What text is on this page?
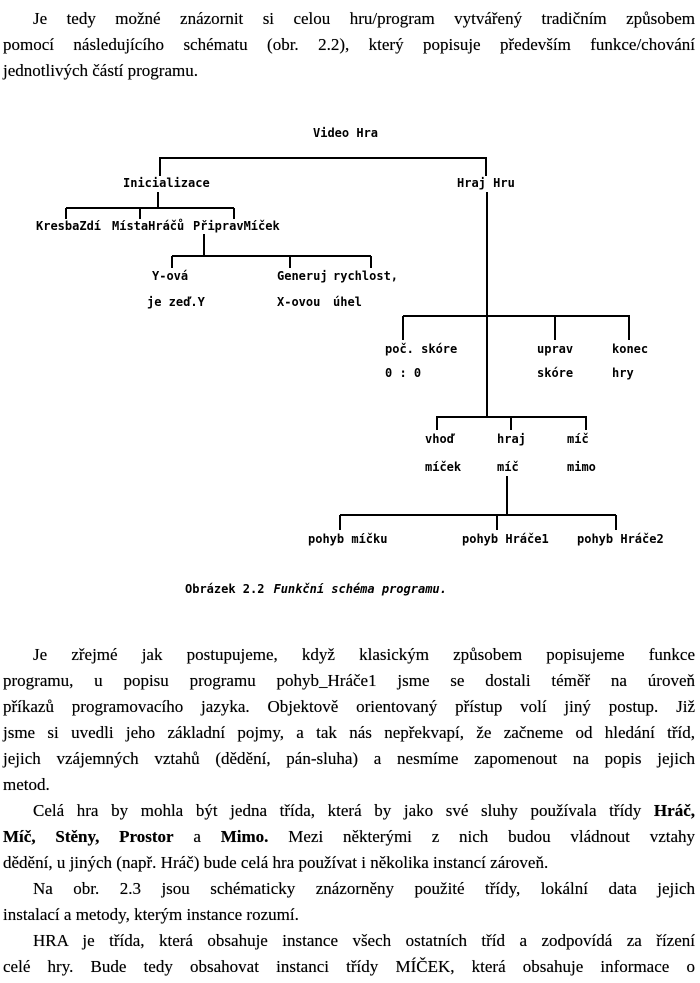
Je tedy možné znázornit si celou hru/program vytvářený tradičním způsobem
pomocí následujícího schématu (obr. 2.2), který popisuje především funkce/chování
jednotlivých částí programu.
Video Hra
Inicializace	Hraj Hru
KresbaZdí MístaHráčů PřipravMíček
Y-ová
je zeď.Y
Generuj
X-ovou
rychlost,
úhel
poč. skóre
0 : 0
uprav
skóre
konec
hry
vhoď
míček
hraj
míč
míč
mimo
pohyb míčku	pohyb Hráče1 pohyb Hráče2
Obrázek 2.2 Funkční schéma programu.
Je zřejmé jak postupujeme, když klasickým způsobem popisujeme funkce
programu, u popisu programu pohyb_Hráče1 jsme se dostali téměř na úroveň
příkazů programovacího jazyka. Objektově orientovaný přístup volí jiný postup. Již
jsme si uvedli jeho základní pojmy, a tak nás nepřekvapí, že začneme od hledání tříd,
jejich vzájemných vztahů (dědění, pán-sluha) a nesmíme zapomenout na popis jejich
metod.
Celá hra by mohla být jedna třída, která by jako své sluhy používala třídy Hráč,
Míč, Stěny, Prostor a Mimo. Mezi některými z nich budou vládnout vztahy
dědění, u jiných (např. Hráč) bude celá hra používat i několika instancí zároveň.
Na obr. 2.3 jsou schématicky znázorněny použité třídy, lokální data jejich
instalací a metody, kterým instance rozumí.
HRA je třída, která obsahuje instance všech ostatních tříd a zodpovídá za řízení
celé hry. Bude tedy obsahovat instanci třídy MÍČEK, která obsahuje informace o
